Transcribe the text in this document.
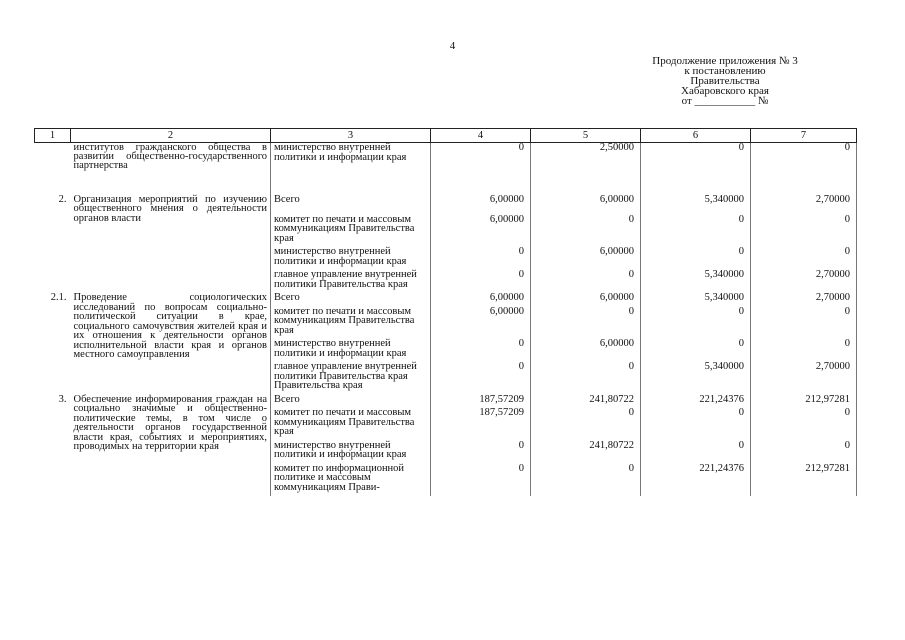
4
Продолжение приложения № 3
к постановлению
Правительства
Хабаровского края
от ___________ №
1	2	3	4	5	6	7
	институтов гражданского общества в развитии общественно-государственного партнерства	министерство внутренней политики и информации края	0	2,50000	0	0
2.	Организация мероприятий по изучению общественного мнения о деятельности органов власти	Всего	6,00000	6,00000	5,340000	2,70000
		комитет по печати и массовым коммуникациям Правительства края	6,00000	0	0	0
		министерство внутренней политики и информации края	0	6,00000	0	0
		главное управление внутренней политики Правительства края	0	0	5,340000	2,70000
2.1.	Проведение социологических исследований по вопросам социально-политической ситуации в крае, социального самочувствия жителей края и их отношения к деятельности органов исполнительной власти края и органов местного самоуправления	Всего	6,00000	6,00000	5,340000	2,70000
		комитет по печати и массовым коммуникациям Правительства края	6,00000	0	0	0
		министерство внутренней политики и информации края	0	6,00000	0	0
		главное управление внутренней политики Правительства края Правительства края	0	0	5,340000	2,70000
3.	Обеспечение информирования граждан на социально значимые и общественно-политические темы, в том числе о деятельности органов государственной власти края, событиях и мероприятиях, проводимых на территории края	Всего	187,57209	241,80722	221,24376	212,97281
		комитет по печати и массовым коммуникациям Правительства края	187,57209	0	0	0
		министерство внутренней политики и информации края	0	241,80722	0	0
		комитет по информационной политике и массовым коммуникациям Прави-	0	0	221,24376	212,97281
